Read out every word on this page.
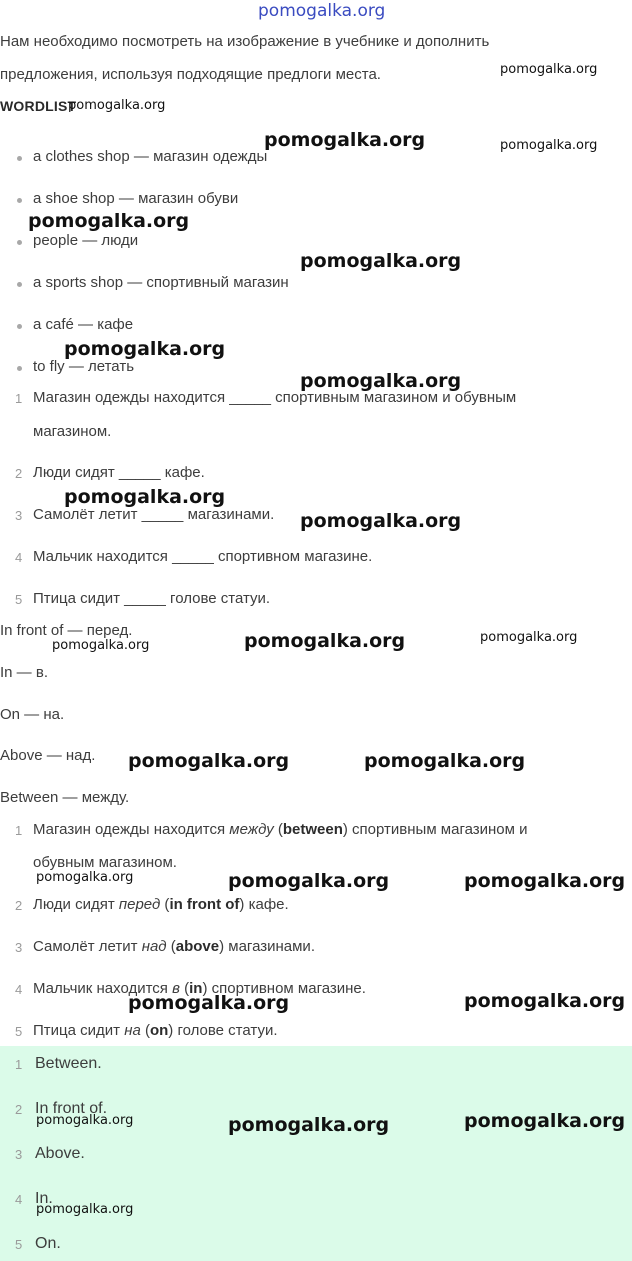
pomogalka.org
Нам необходимо посмотреть на изображение в учебнике и дополнить
предложения, используя подходящие предлоги места.
WORDLIST
a clothes shop — магазин одежды
a shoe shop — магазин обуви
people — люди
a sports shop — спортивный магазин
a café — кафе
to fly — летать
1 Магазин одежды находится _____ спортивным магазином и обувным
магазином.
2 Люди сидят _____ кафе.
3 Самолёт летит _____ магазинами.
4 Мальчик находится _____ спортивном магазине.
5 Птица сидит _____ голове статуи.
In front of — перед.
In — в.
On — на.
Above — над.
Between — между.
1 Магазин одежды находится между (between) спортивным магазином и
обувным магазином.
2 Люди сидят перед (in front of) кафе.
3 Самолёт летит над (above) магазинами.
4 Мальчик находится в (in) спортивном магазине.
5 Птица сидит на (on) голове статуи.
1 Between.
2 In front of.
3 Above.
4 In.
5 On.
pomogalka.org
pomogalka.org
pomogalka.org
pomogalka.org
pomogalka.org
pomogalka.org
pomogalka.org
pomogalka.org
pomogalka.org
pomogalka.org
pomogalka.org
pomogalka.org
pomogalka.org
pomogalka.org
pomogalka.org
pomogalka.org
pomogalka.org	pomogalka.org
pomogalka.org	pomogalka.org
pomogalka.org	pomogalka.org
pomogalka.org	pomogalka.org
